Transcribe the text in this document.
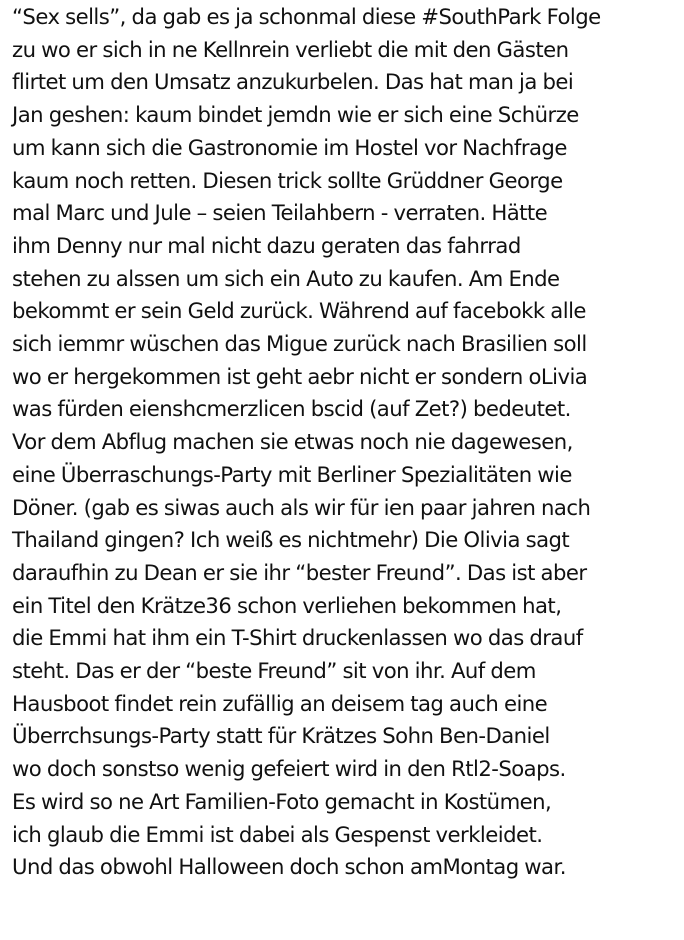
“Sex sells”, da gab es ja schonmal diese #SouthPark Folge
zu wo er sich in ne Kellnrein verliebt die mit den Gästen
flirtet um den Umsatz anzukurbelen. Das hat man ja bei
Jan geshen: kaum bindet jemdn wie er sich eine Schürze
um kann sich die Gastronomie im Hostel vor Nachfrage
kaum noch retten. Diesen trick sollte Grüddner George
mal Marc und Jule – seien Teilahbern - verraten. Hätte
ihm Denny nur mal nicht dazu geraten das fahrrad
stehen zu alssen um sich ein Auto zu kaufen. Am Ende
bekommt er sein Geld zurück. Während auf facebokk alle
sich iemmr wüschen das Migue zurück nach Brasilien soll
wo er hergekommen ist geht aebr nicht er sondern oLivia
was fürden eienshcmerzlicen bscid (auf Zet?) bedeutet.
Vor dem Abflug machen sie etwas noch nie dagewesen,
eine Überraschungs-Party mit Berliner Spezialitäten wie
Döner. (gab es siwas auch als wir für ien paar jahren nach
Thailand gingen? Ich weiß es nichtmehr) Die Olivia sagt
daraufhin zu Dean er sie ihr “bester Freund”. Das ist aber
ein Titel den Krätze36 schon verliehen bekommen hat,
die Emmi hat ihm ein T-Shirt druckenlassen wo das drauf
steht. Das er der “beste Freund” sit von ihr. Auf dem
Hausboot findet rein zufällig an deisem tag auch eine
Überrchsungs-Party statt für Krätzes Sohn Ben-Daniel
wo doch sonstso wenig gefeiert wird in den Rtl2-Soaps.
Es wird so ne Art Familien-Foto gemacht in Kostümen,
ich glaub die Emmi ist dabei als Gespenst verkleidet.
Und das obwohl Halloween doch schon amMontag war.
